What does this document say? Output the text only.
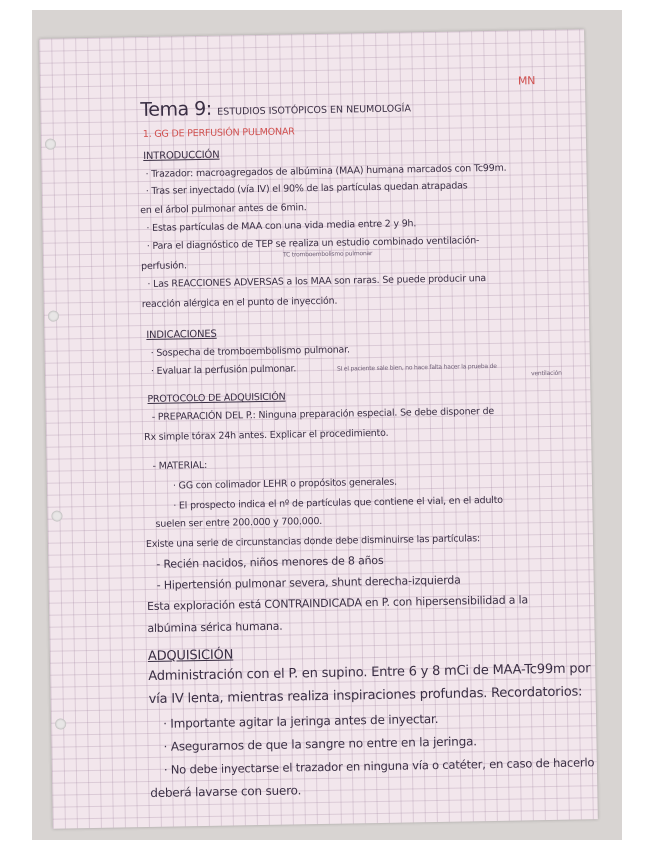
MN
Tema 9: ESTUDIOS ISOTÓPICOS EN NEUMOLOGÍA
1. GG DE PERFUSIÓN PULMONAR
INTRODUCCIÓN
· Trazador: macroagregados de albúmina (MAA) humana marcados con Tc99m.
· Tras ser inyectado (vía IV) el 90% de las partículas quedan atrapadas
en el árbol pulmonar antes de 6min.
· Estas partículas de MAA con una vida media entre 2 y 9h.
· Para el diagnóstico de TEP se realiza un estudio combinado ventilación-
TC tromboembolismo pulmonar
perfusión.
· Las REACCIONES ADVERSAS a los MAA son raras. Se puede producir una
reacción alérgica en el punto de inyección.
INDICACIONES
· Sospecha de tromboembolismo pulmonar.
· Evaluar la perfusión pulmonar.	SI el paciente sale bien, no hace falta hacer la prueba de
ventilación
PROTOCOLO DE ADQUISICIÓN
- PREPARACIÓN DEL P.: Ninguna preparación especial. Se debe disponer de
Rx simple tórax 24h antes. Explicar el procedimiento.
- MATERIAL:
· GG con colimador LEHR o propósitos generales.
· El prospecto indica el nº de partículas que contiene el vial, en el adulto
suelen ser entre 200.000 y 700.000.
Existe una serie de circunstancias donde debe disminuirse las partículas:
- Recién nacidos, niños menores de 8 años
- Hipertensión pulmonar severa, shunt derecha-izquierda
Esta exploración está CONTRAINDICADA en P. con hipersensibilidad a la
albúmina sérica humana.
ADQUISICIÓN
Administración con el P. en supino. Entre 6 y 8 mCi de MAA-Tc99m por
vía IV lenta, mientras realiza inspiraciones profundas. Recordatorios:
· Importante agitar la jeringa antes de inyectar.
· Asegurarnos de que la sangre no entre en la jeringa.
· No debe inyectarse el trazador en ninguna vía o catéter, en caso de hacerlo
deberá lavarse con suero.
